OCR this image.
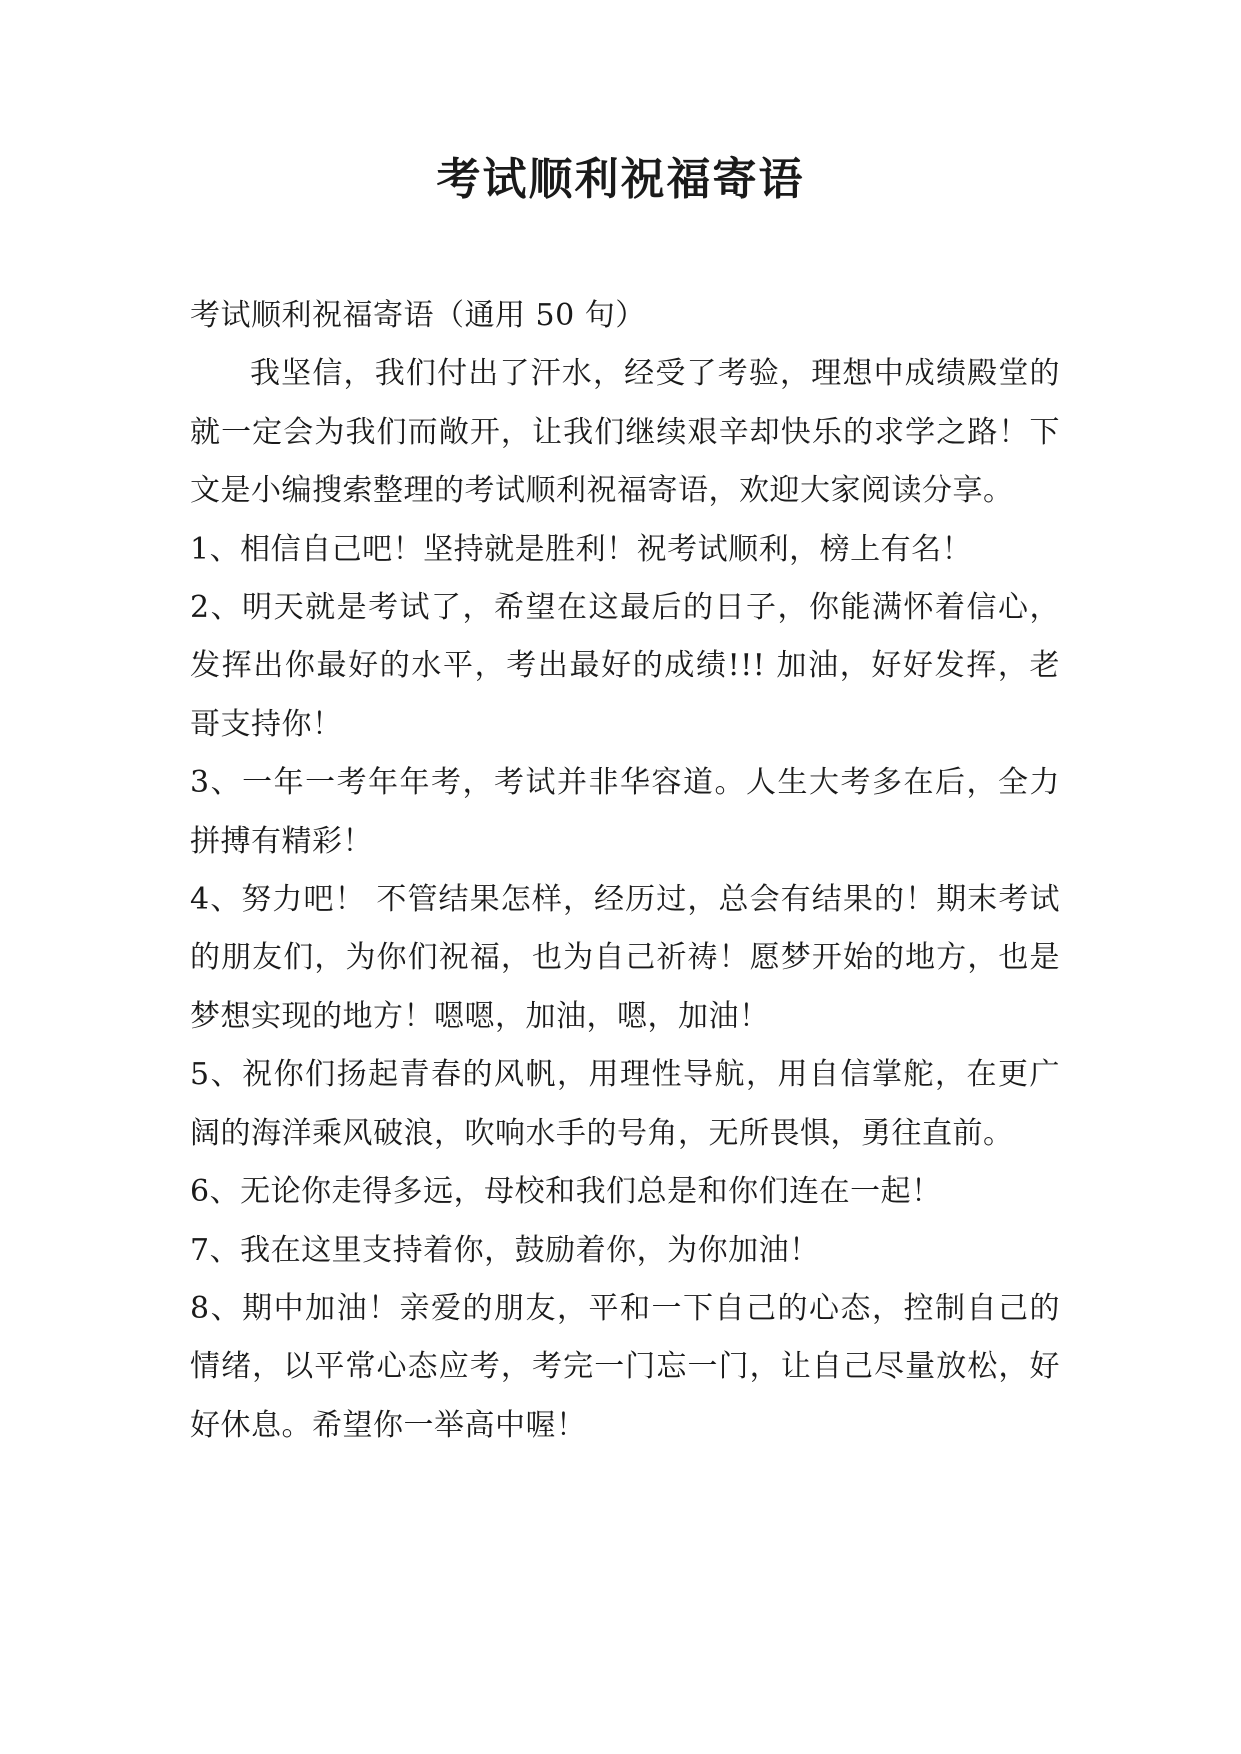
考试顺利祝福寄语

考试顺利祝福寄语（通用 50 句）

我坚信，我们付出了汗水，经受了考验，理想中成绩殿堂的就一定会为我们而敞开，让我们继续艰辛却快乐的求学之路！下文是小编搜索整理的考试顺利祝福寄语，欢迎大家阅读分享。

1、相信自己吧！坚持就是胜利！祝考试顺利，榜上有名！

2、明天就是考试了，希望在这最后的日子，你能满怀着信心，发挥出你最好的水平，考出最好的成绩!!! 加油，好好发挥，老哥支持你！

3、一年一考年年考，考试并非华容道。人生大考多在后，全力拼搏有精彩！

4、努力吧！ 不管结果怎样，经历过，总会有结果的！期末考试的朋友们，为你们祝福，也为自己祈祷！愿梦开始的地方，也是梦想实现的地方！嗯嗯，加油，嗯，加油！

5、祝你们扬起青春的风帆，用理性导航，用自信掌舵，在更广阔的海洋乘风破浪，吹响水手的号角，无所畏惧，勇往直前。

6、无论你走得多远，母校和我们总是和你们连在一起！

7、我在这里支持着你，鼓励着你，为你加油！

8、期中加油！亲爱的朋友，平和一下自己的心态，控制自己的情绪，以平常心态应考，考完一门忘一门，让自己尽量放松，好好休息。希望你一举高中喔！
